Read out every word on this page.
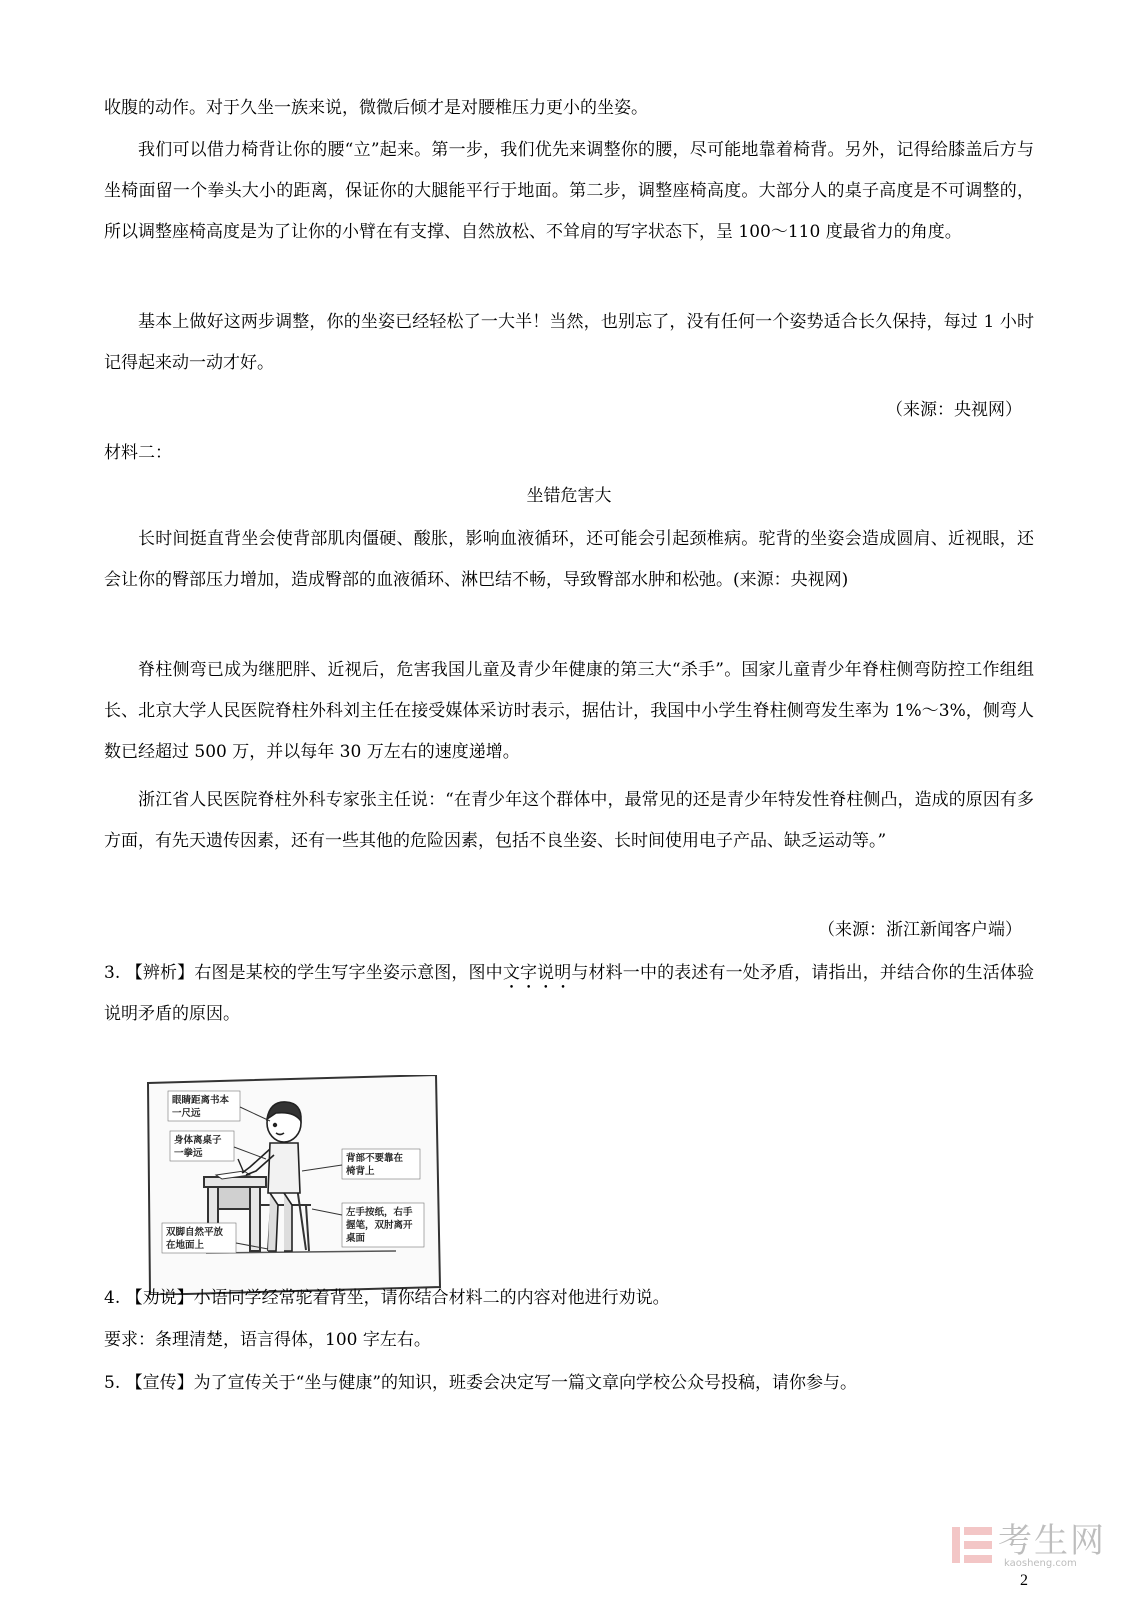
收腹的动作。对于久坐一族来说，微微后倾才是对腰椎压力更小的坐姿。

我们可以借力椅背让你的腰“立”起来。第一步，我们优先来调整你的腰，尽可能地靠着椅背。另外，记得给膝盖后方与坐椅面留一个拳头大小的距离，保证你的大腿能平行于地面。第二步，调整座椅高度。大部分人的桌子高度是不可调整的，所以调整座椅高度是为了让你的小臂在有支撑、自然放松、不耸肩的写字状态下，呈 100～110 度最省力的角度。

基本上做好这两步调整，你的坐姿已经轻松了一大半！当然，也别忘了，没有任何一个姿势适合长久保持，每过 1 小时记得起来动一动才好。

（来源：央视网）

材料二：

坐错危害大

长时间挺直背坐会使背部肌肉僵硬、酸胀，影响血液循环，还可能会引起颈椎病。驼背的坐姿会造成圆肩、近视眼，还会让你的臀部压力增加，造成臀部的血液循环、淋巴结不畅，导致臀部水肿和松弛。(来源：央视网)

脊柱侧弯已成为继肥胖、近视后，危害我国儿童及青少年健康的第三大“杀手”。国家儿童青少年脊柱侧弯防控工作组组长、北京大学人民医院脊柱外科刘主任在接受媒体采访时表示，据估计，我国中小学生脊柱侧弯发生率为 1%～3%，侧弯人数已经超过 500 万，并以每年 30 万左右的速度递增。

浙江省人民医院脊柱外科专家张主任说：“在青少年这个群体中，最常见的还是青少年特发性脊柱侧凸，造成的原因有多方面，有先天遗传因素，还有一些其他的危险因素，包括不良坐姿、长时间使用电子产品、缺乏运动等。”

（来源：浙江新闻客户端）

3. 【辨析】右图是某校的学生写字坐姿示意图，图中文字说明与材料一中的表述有一处矛盾，请指出，并结合你的生活体验说明矛盾的原因。

眼睛距离书本
一尺远
身体离桌子
一拳远	背部不要靠在
椅背上
左手按纸，右手
握笔，双肘离开
桌面
双脚自然平放
在地面上

4. 【劝说】小语同学经常驼着背坐，请你结合材料二的内容对他进行劝说。

要求：条理清楚，语言得体，100 字左右。

5. 【宣传】为了宣传关于“坐与健康”的知识，班委会决定写一篇文章向学校公众号投稿，请你参与。

考生网
kaosheng.com
2
